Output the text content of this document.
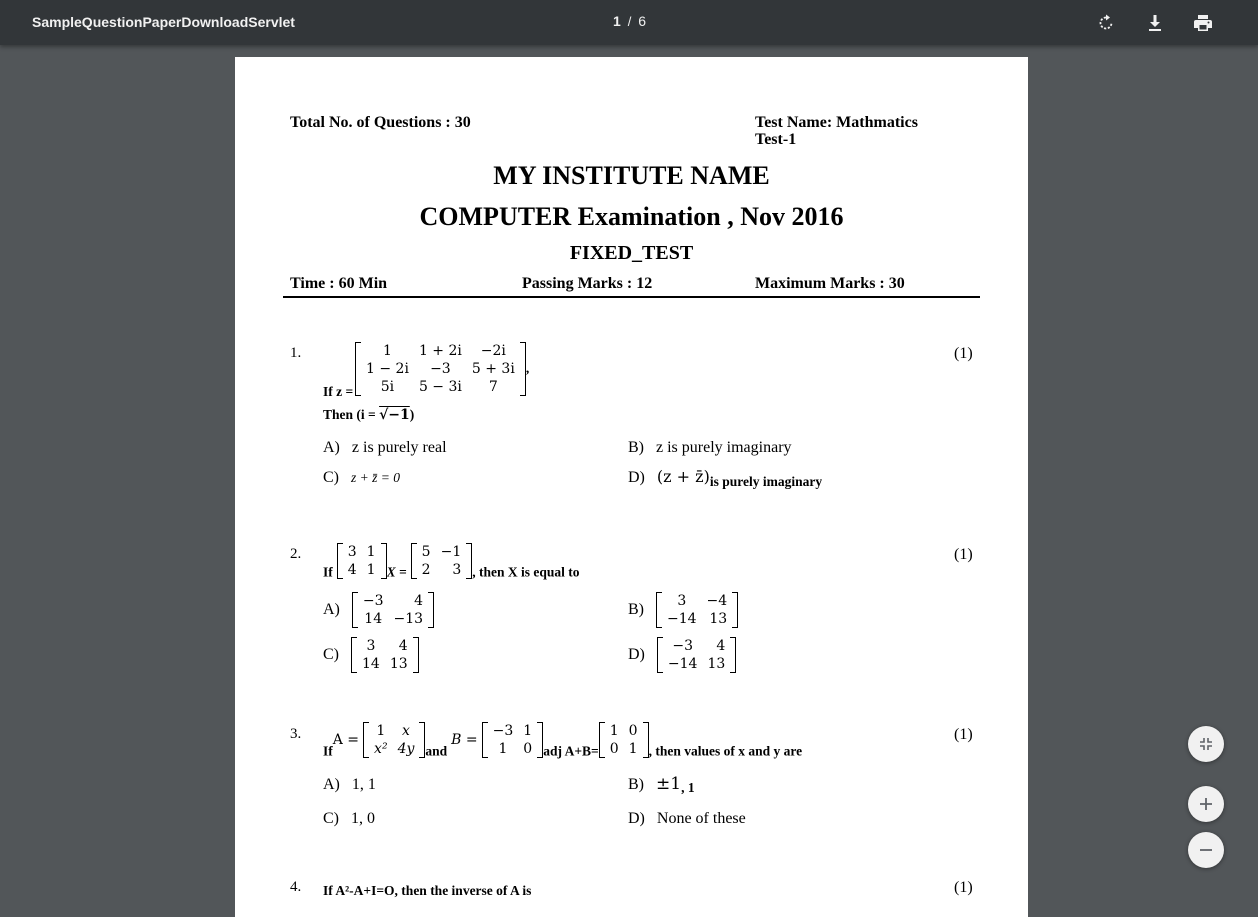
SampleQuestionPaperDownloadServlet	1 / 6
Total No. of Questions : 30	Test Name: Mathmatics
Test-1
MY INSTITUTE NAME
COMPUTER Examination , Nov 2016
FIXED_TEST
Time : 60 Min	Passing Marks : 12	Maximum Marks : 30
1.	(1)
If z =
1	1 + 2i	−2i
1 − 2i	−3	5 + 3i
5i	5 − 3i	7
,
Then (i = √−1)
A) z is purely real	B) z is purely imaginary
C) z + z̄ = 0	D) $(z + z̄)_{is purely imaginary}$
2.	(1)
$_{If}$
3	1
4	1 $_{X =}$
5	−1
2	3 $_{, then X is equal to}$
A) −3	4
14	−13
B) 3	−4
−14	13
C) 3	4
14	13
D) −3	4
−14	13
3.	(1)
$_{If}$A =
1	x
x²	4y $_{and}$ B =
−3	1
1	0 $_{adj A+B=}$
1	0
0	1 $_{, then values of x and y are}$
A) 1, 1	B) ±1, 1
C) 1, 0	D) None of these
4.	(1)
If A²-A+I=O, then the inverse of A is
